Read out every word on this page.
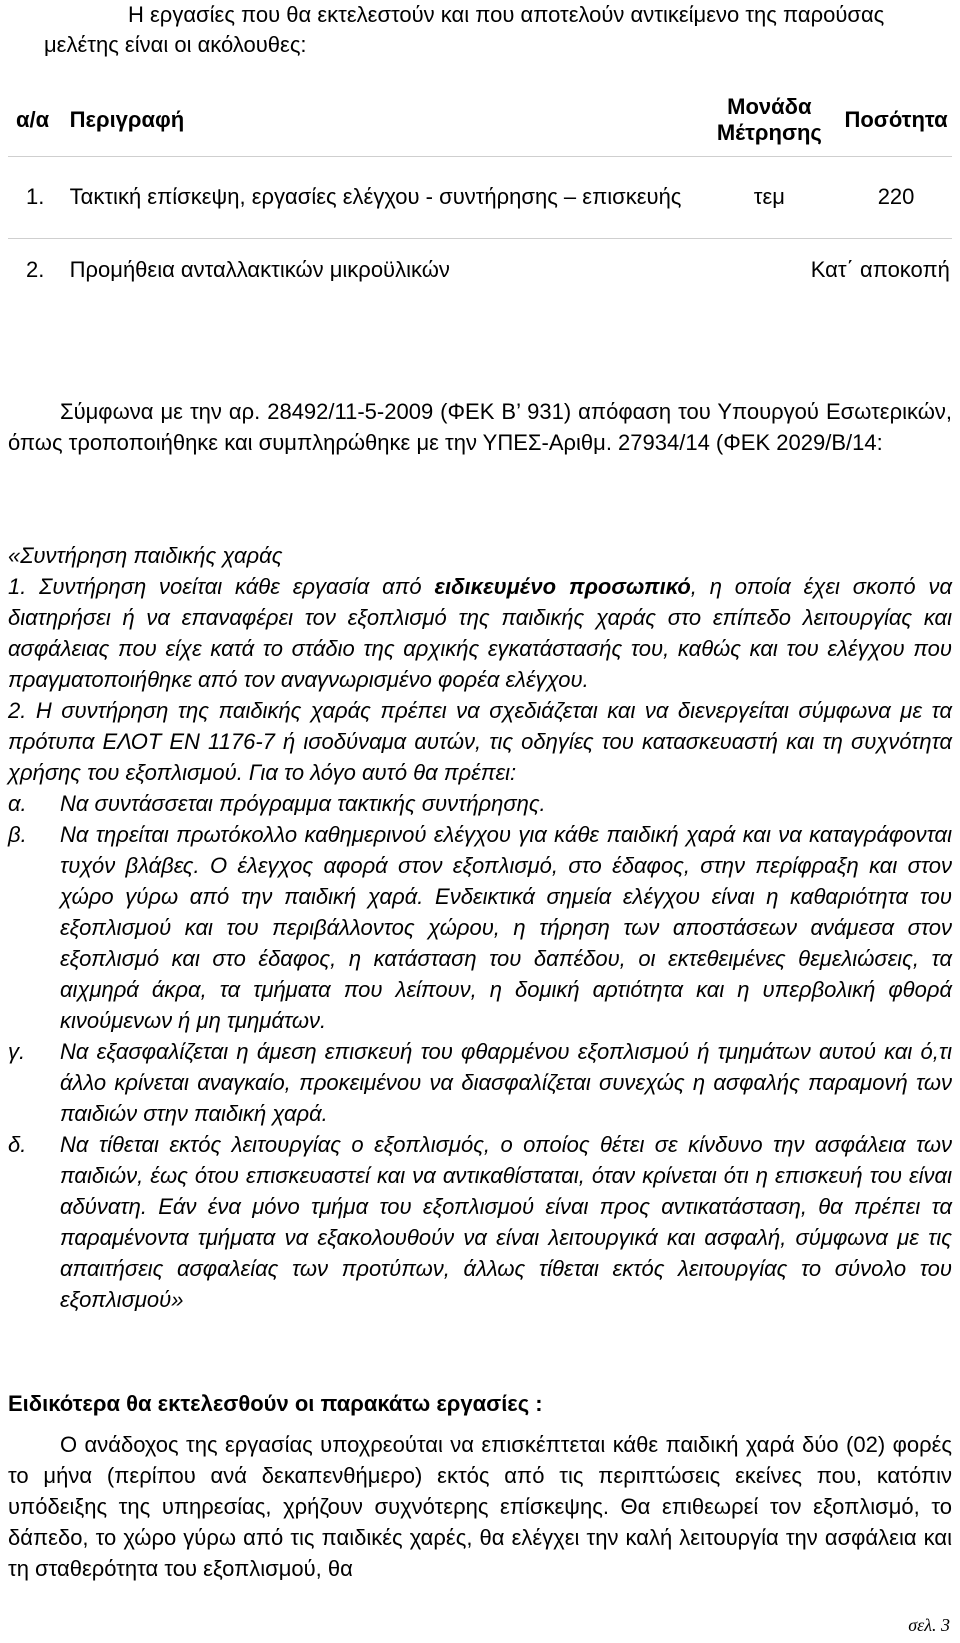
Η εργασίες που θα εκτελεστούν και που αποτελούν αντικείμενο της παρούσας μελέτης είναι οι ακόλουθες:
α/α	Περιγραφή	Μονάδα Μέτρησης	Ποσότητα
1.	Τακτική επίσκεψη, εργασίες ελέγχου - συντήρησης – επισκευής	τεμ	220
2.	Προμήθεια ανταλλακτικών μικροϋλικών	Κατ΄ αποκοπή	
Σύμφωνα με την αρ. 28492/11-5-2009 (ΦΕΚ Β’ 931) απόφαση του Υπουργού Εσωτερικών, όπως τροποποιήθηκε και συμπληρώθηκε με την ΥΠΕΣ-Αριθμ. 27934/14 (ΦΕΚ 2029/Β/14:

«Συντήρηση παιδικής χαράς

1. Συντήρηση νοείται κάθε εργασία από ειδικευμένο προσωπικό, η οποία έχει σκοπό να διατηρήσει ή να επαναφέρει τον εξοπλισμό της παιδικής χαράς στο επίπεδο λειτουργίας και ασφάλειας που είχε κατά το στάδιο της αρχικής εγκατάστασής του, καθώς και του ελέγχου που πραγματοποιήθηκε από τον αναγνωρισμένο φορέα ελέγχου.

2. Η συντήρηση της παιδικής χαράς πρέπει να σχεδιάζεται και να διενεργείται σύμφωνα με τα πρότυπα ΕΛΟΤ ΕΝ 1176-7 ή ισοδύναμα αυτών, τις οδηγίες του κατασκευαστή και τη συχνότητα χρήσης του εξοπλισμού. Για το λόγο αυτό θα πρέπει:

α. Να συντάσσεται πρόγραμμα τακτικής συντήρησης.

β. Να τηρείται πρωτόκολλο καθημερινού ελέγχου για κάθε παιδική χαρά και να καταγράφονται τυχόν βλάβες. Ο έλεγχος αφορά στον εξοπλισμό, στο έδαφος, στην περίφραξη και στον χώρο γύρω από την παιδική χαρά. Ενδεικτικά σημεία ελέγχου είναι η καθαριότητα του εξοπλισμού και του περιβάλλοντος χώρου, η τήρηση των αποστάσεων ανάμεσα στον εξοπλισμό και στο έδαφος, η κατάσταση του δαπέδου, οι εκτεθειμένες θεμελιώσεις, τα αιχμηρά άκρα, τα τμήματα που λείπουν, η δομική αρτιότητα και η υπερβολική φθορά κινούμενων ή μη τμημάτων.

γ. Να εξασφαλίζεται η άμεση επισκευή του φθαρμένου εξοπλισμού ή τμημάτων αυτού και ό,τι άλλο κρίνεται αναγκαίο, προκειμένου να διασφαλίζεται συνεχώς η ασφαλής παραμονή των παιδιών στην παιδική χαρά.

δ. Να τίθεται εκτός λειτουργίας ο εξοπλισμός, ο οποίος θέτει σε κίνδυνο την ασφάλεια των παιδιών, έως ότου επισκευαστεί και να αντικαθίσταται, όταν κρίνεται ότι η επισκευή του είναι αδύνατη. Εάν ένα μόνο τμήμα του εξοπλισμού είναι προς αντικατάσταση, θα πρέπει τα παραμένοντα τμήματα να εξακολουθούν να είναι λειτουργικά και ασφαλή, σύμφωνα με τις απαιτήσεις ασφαλείας των προτύπων, άλλως τίθεται εκτός λειτουργίας το σύνολο του εξοπλισμού»

Ειδικότερα θα εκτελεσθούν οι παρακάτω εργασίες :
Ο ανάδοχος της εργασίας υποχρεούται να επισκέπτεται κάθε παιδική χαρά δύο (02) φορές το μήνα (περίπου ανά δεκαπενθήμερο) εκτός από τις περιπτώσεις εκείνες που, κατόπιν υπόδειξης της υπηρεσίας, χρήζουν συχνότερης επίσκεψης. Θα επιθεωρεί τον εξοπλισμό, το δάπεδο, το χώρο γύρω από τις παιδικές χαρές, θα ελέγχει την καλή λειτουργία την ασφάλεια και τη σταθερότητα του εξοπλισμού, θα
σελ. 3
